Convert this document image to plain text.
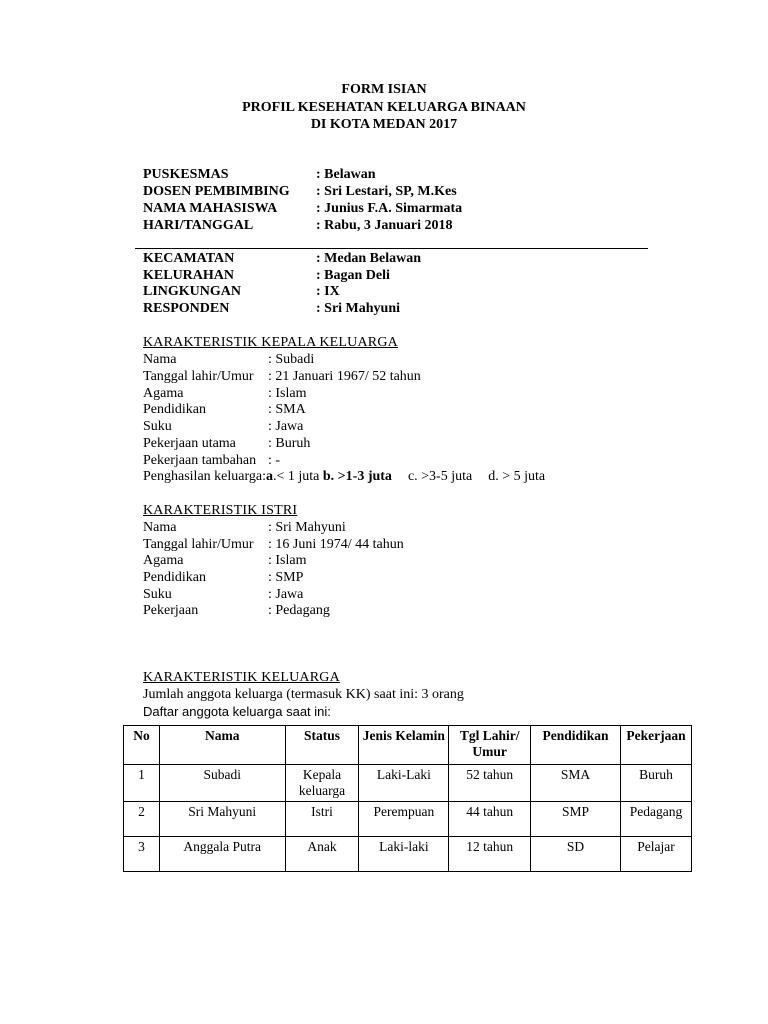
FORM ISIAN
PROFIL KESEHATAN KELUARGA BINAAN
DI KOTA MEDAN 2017
PUSKESMAS	: Belawan
DOSEN PEMBIMBING : Sri Lestari, SP, M.Kes
NAMA MAHASISWA	: Junius F.A. Simarmata
HARI/TANGGAL	: Rabu, 3 Januari 2018
KECAMATAN	: Medan Belawan
KELURAHAN	: Bagan Deli
LINGKUNGAN	: IX
RESPONDEN	: Sri Mahyuni
KARAKTERISTIK KEPALA KELUARGA
Nama	: Subadi
Tanggal lahir/Umur : 21 Januari 1967/ 52 tahun
Agama	: Islam
Pendidikan	: SMA
Suku	: Jawa
Pekerjaan utama : Buruh
Pekerjaan tambahan : -
Penghasilan keluarga:a.< 1 juta b. >1-3 juta c. >3-5 juta d. > 5 juta
KARAKTERISTIK ISTRI
Nama	: Sri Mahyuni
Tanggal lahir/Umur : 16 Juni 1974/ 44 tahun
Agama	: Islam
Pendidikan	: SMP
Suku	: Jawa
Pekerjaan	: Pedagang
KARAKTERISTIK KELUARGA
Jumlah anggota keluarga (termasuk KK) saat ini: 3 orang
Daftar anggota keluarga saat ini:
No	Nama	Status	Jenis Kelamin	Tgl Lahir/ Umur	Pendidikan	Pekerjaan
1	Subadi	Kepala keluarga	Laki-Laki	52 tahun	SMA	Buruh
2	Sri Mahyuni	Istri	Perempuan	44 tahun	SMP	Pedagang
3	Anggala Putra	Anak	Laki-laki	12 tahun	SD	Pelajar
